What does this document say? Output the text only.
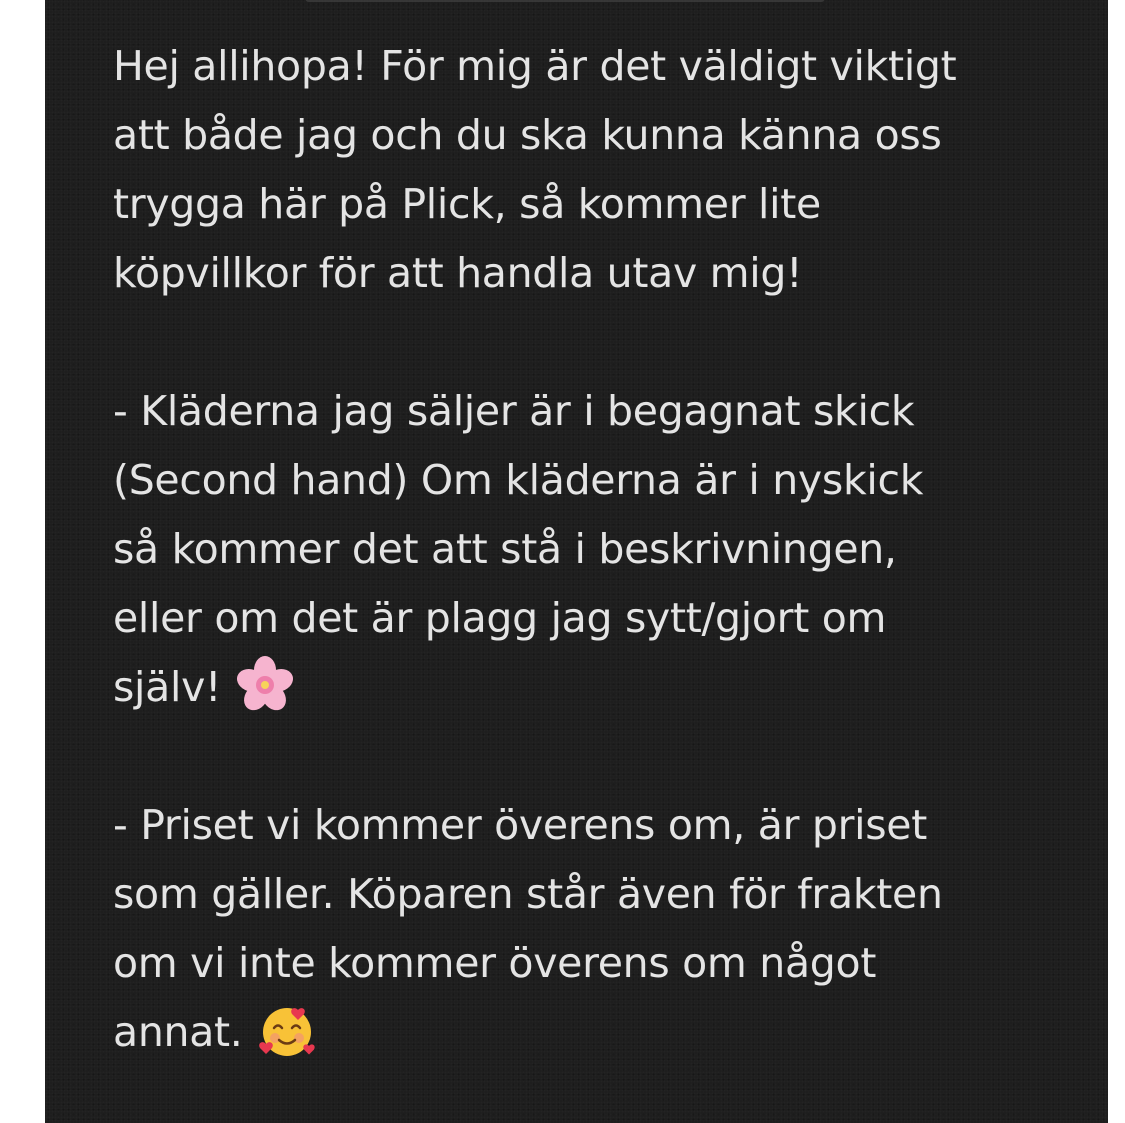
Hej allihopa! För mig är det väldigt viktigt
att både jag och du ska kunna känna oss
trygga här på Plick, så kommer lite
köpvillkor för att handla utav mig!
- Kläderna jag säljer är i begagnat skick
(Second hand) Om kläderna är i nyskick
så kommer det att stå i beskrivningen,
eller om det är plagg jag sytt/gjort om
själv!
- Priset vi kommer överens om, är priset
som gäller. Köparen står även för frakten
om vi inte kommer överens om något
annat.
